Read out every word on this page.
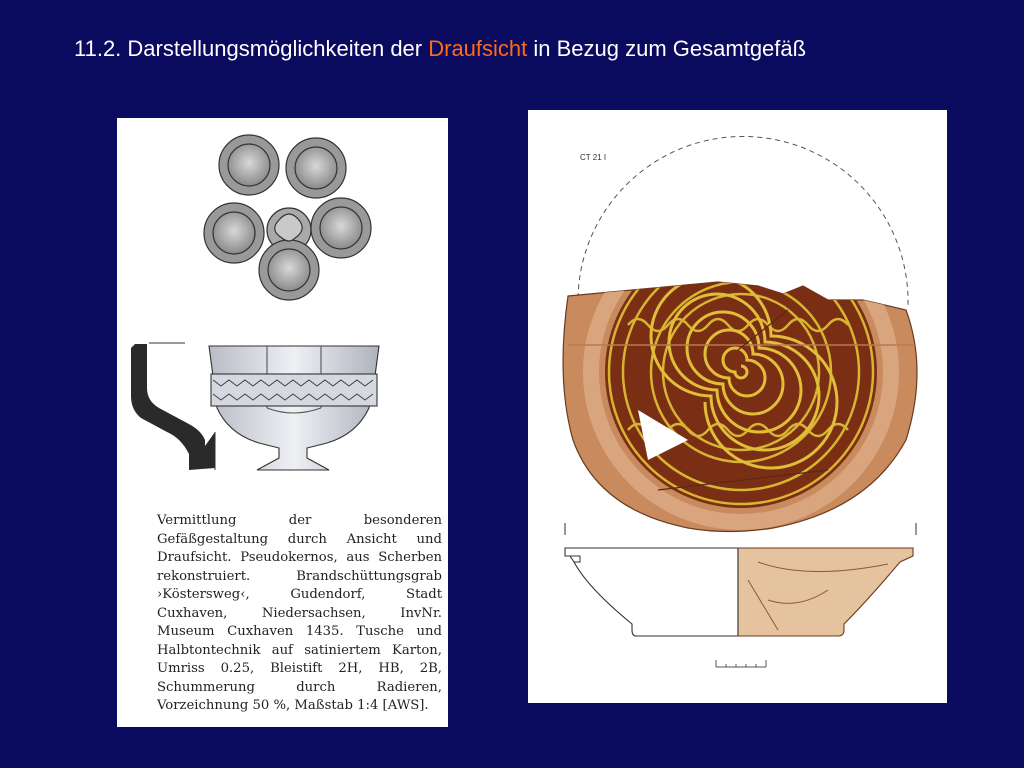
11.2. Darstellungsmöglichkeiten der Draufsicht in Bezug zum Gesamtgefäß
Vermittlung der besonderen Gefäßgestaltung durch Ansicht und Draufsicht. Pseudokernos, aus Scherben rekonstruiert. Brandschüttungsgrab ›Köstersweg‹, Gudendorf, Stadt Cuxhaven, Niedersachsen, InvNr. Museum Cuxhaven 1435. Tusche und Halbtontechnik auf satiniertem Karton, Umriss 0.25, Bleistift 2H, HB, 2B, Schummerung durch Radieren, Vorzeichnung 50 %, Maßstab 1:4 [AWS].
CT 21 I
